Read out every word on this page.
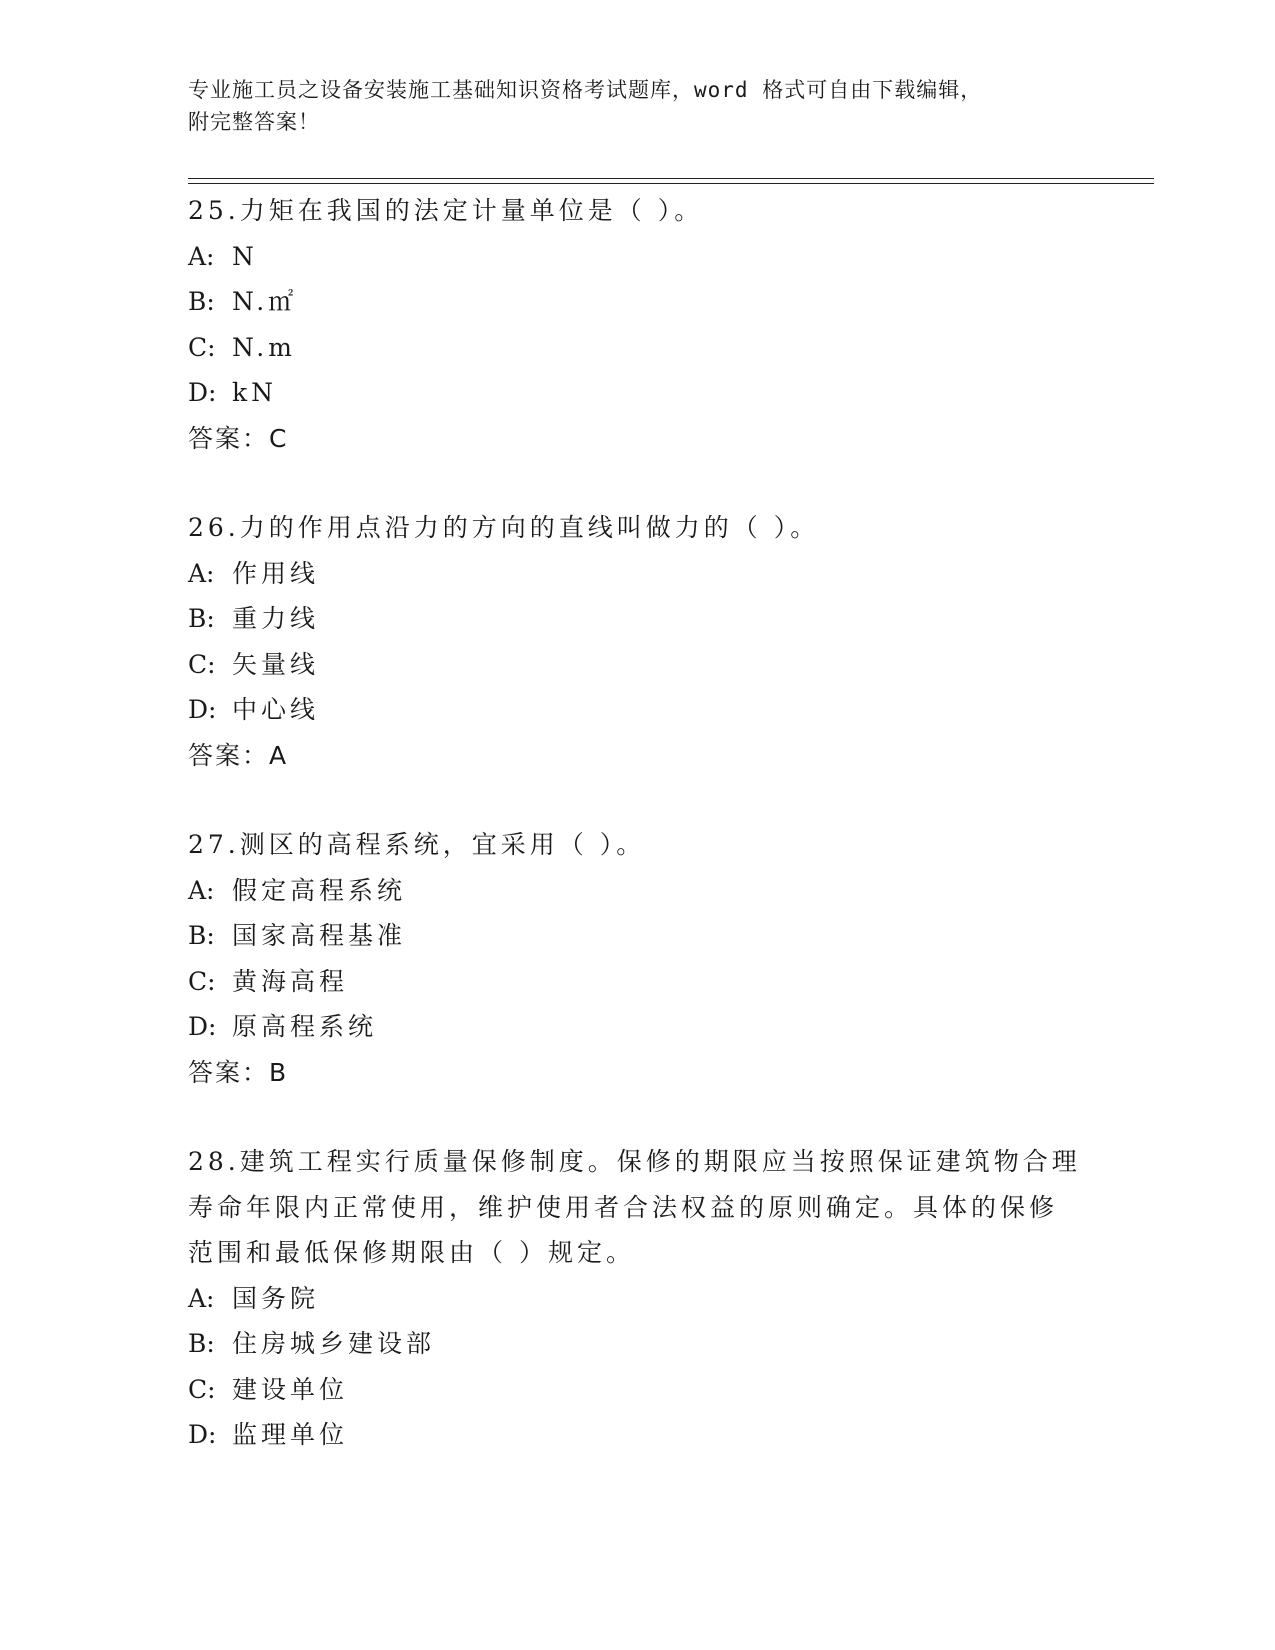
专业施工员之设备安装施工基础知识资格考试题库，word 格式可自由下载编辑，
附完整答案！
25.力矩在我国的法定计量单位是（ ）。
A: N
B: N.㎡
C: N.m
D: kN
答案：C
26.力的作用点沿力的方向的直线叫做力的（ ）。
A: 作用线
B: 重力线
C: 矢量线
D: 中心线
答案：A
27.测区的高程系统，宜采用（ ）。
A: 假定高程系统
B: 国家高程基准
C: 黄海高程
D: 原高程系统
答案：B
28.建筑工程实行质量保修制度。保修的期限应当按照保证建筑物合理
寿命年限内正常使用，维护使用者合法权益的原则确定。具体的保修
范围和最低保修期限由（ ）规定。
A: 国务院
B: 住房城乡建设部
C: 建设单位
D: 监理单位
